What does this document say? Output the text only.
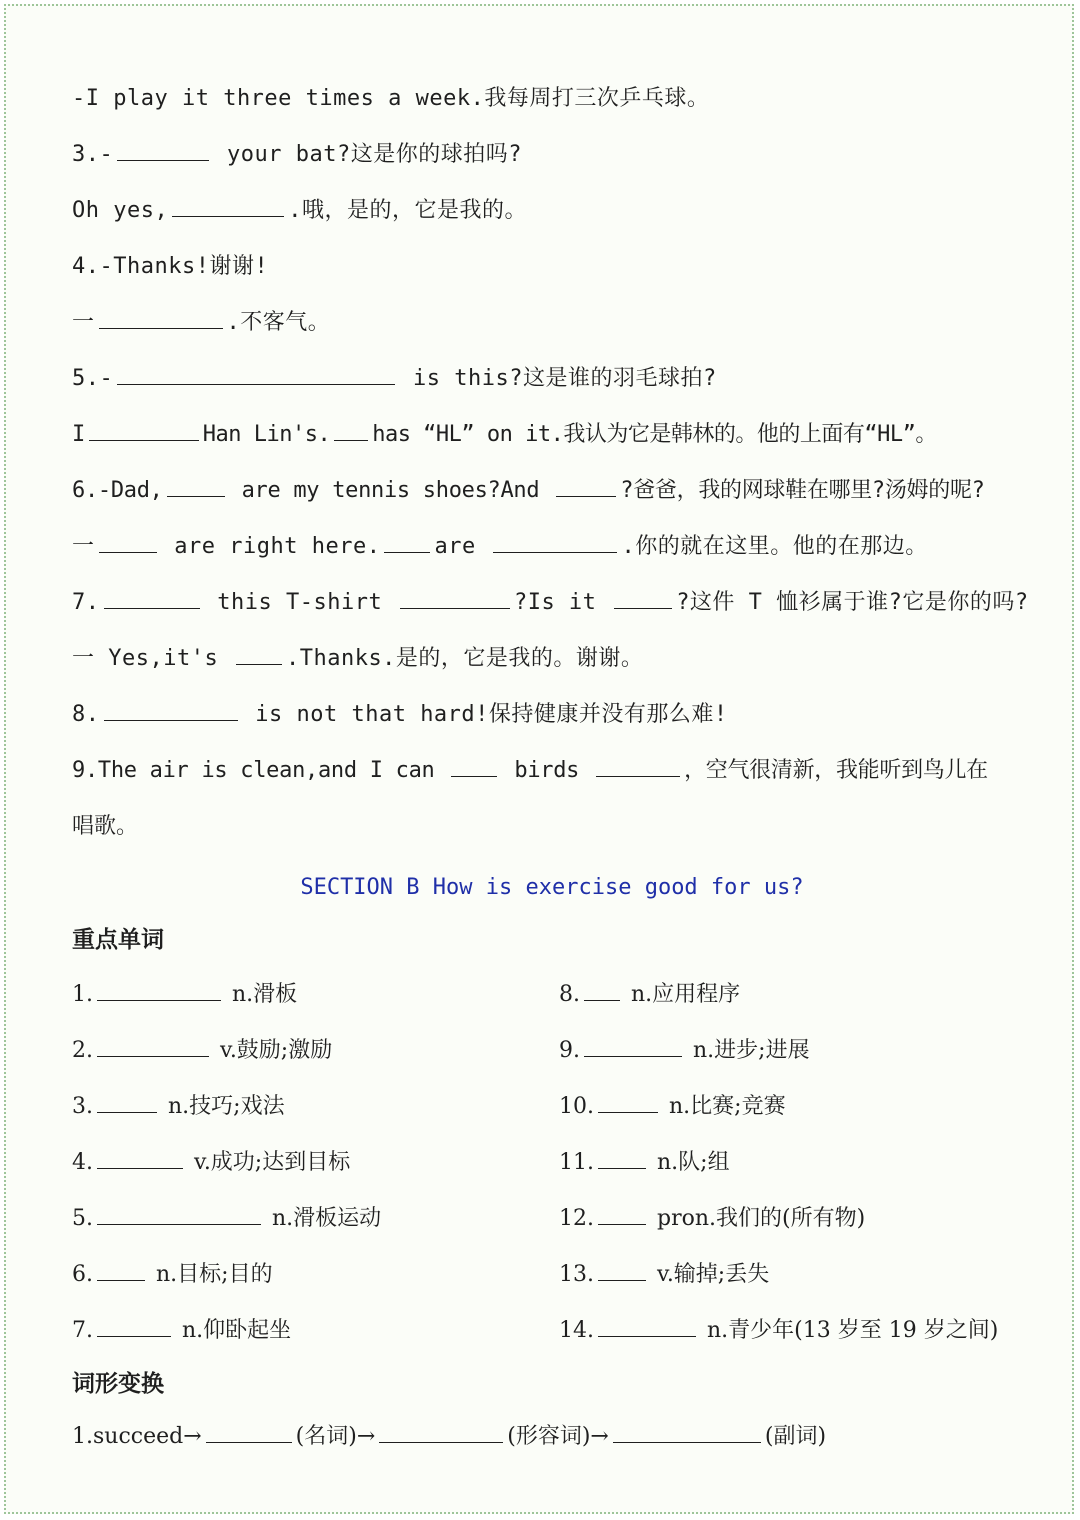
-I play it three times a week.我每周打三次乒乓球。
3.-	your bat?这是你的球拍吗?
Oh yes,	.哦，是的，它是我的。
4.-Thanks!谢谢!
一	.不客气。
5.-	is this?这是谁的羽毛球拍?
I	Han Lin's. has “HL” on it.我认为它是韩林的。他的上面有“HL”。
6.-Dad,	are my tennis shoes?And	?爸爸，我的网球鞋在哪里?汤姆的呢?
一	are right here. are	.你的就在这里。他的在那边。
7.	this T-shirt	?Is it	?这件 T 恤衫属于谁?它是你的吗?
一 Yes,it's	.Thanks.是的，它是我的。谢谢。
8.	is not that hard!保持健康并没有那么难!
9.The air is clean,and I can	birds	，空气很清新，我能听到鸟儿在
唱歌。
SECTION B How is exercise good for us?
重点单词
1.	n.滑板
2.	v.鼓励;激励
3.	n.技巧;戏法
4.	v.成功;达到目标
5.	n.滑板运动
6.	n.目标;目的
7.	n.仰卧起坐
8. n.应用程序
9.	n.进步;进展
10.	n.比赛;竞赛
11.	n.队;组
12.	pron.我们的(所有物)
13.	v.输掉;丢失
14.	n.青少年(13 岁至 19 岁之间)
词形变换
1.succeed→	(名词)→	(形容词)→	(副词)
